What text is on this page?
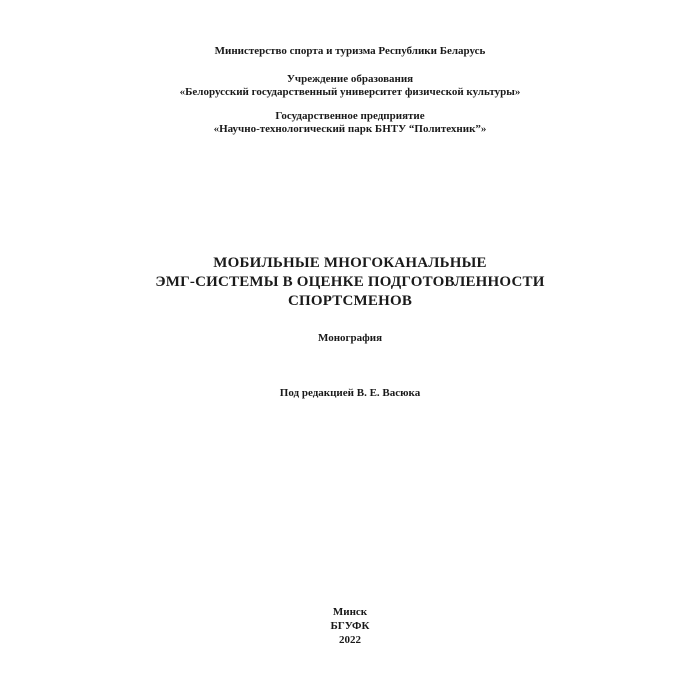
Министерство спорта и туризма Республики Беларусь
Учреждение образования
«Белорусский государственный университет физической культуры»
Государственное предприятие
«Научно-технологический парк БНТУ “Политехник”»
МОБИЛЬНЫЕ МНОГОКАНАЛЬНЫЕ
ЭМГ-СИСТЕМЫ В ОЦЕНКЕ ПОДГОТОВЛЕННОСТИ
СПОРТСМЕНОВ
Монография
Под редакцией В. Е. Васюка
Минск
БГУФК
2022
